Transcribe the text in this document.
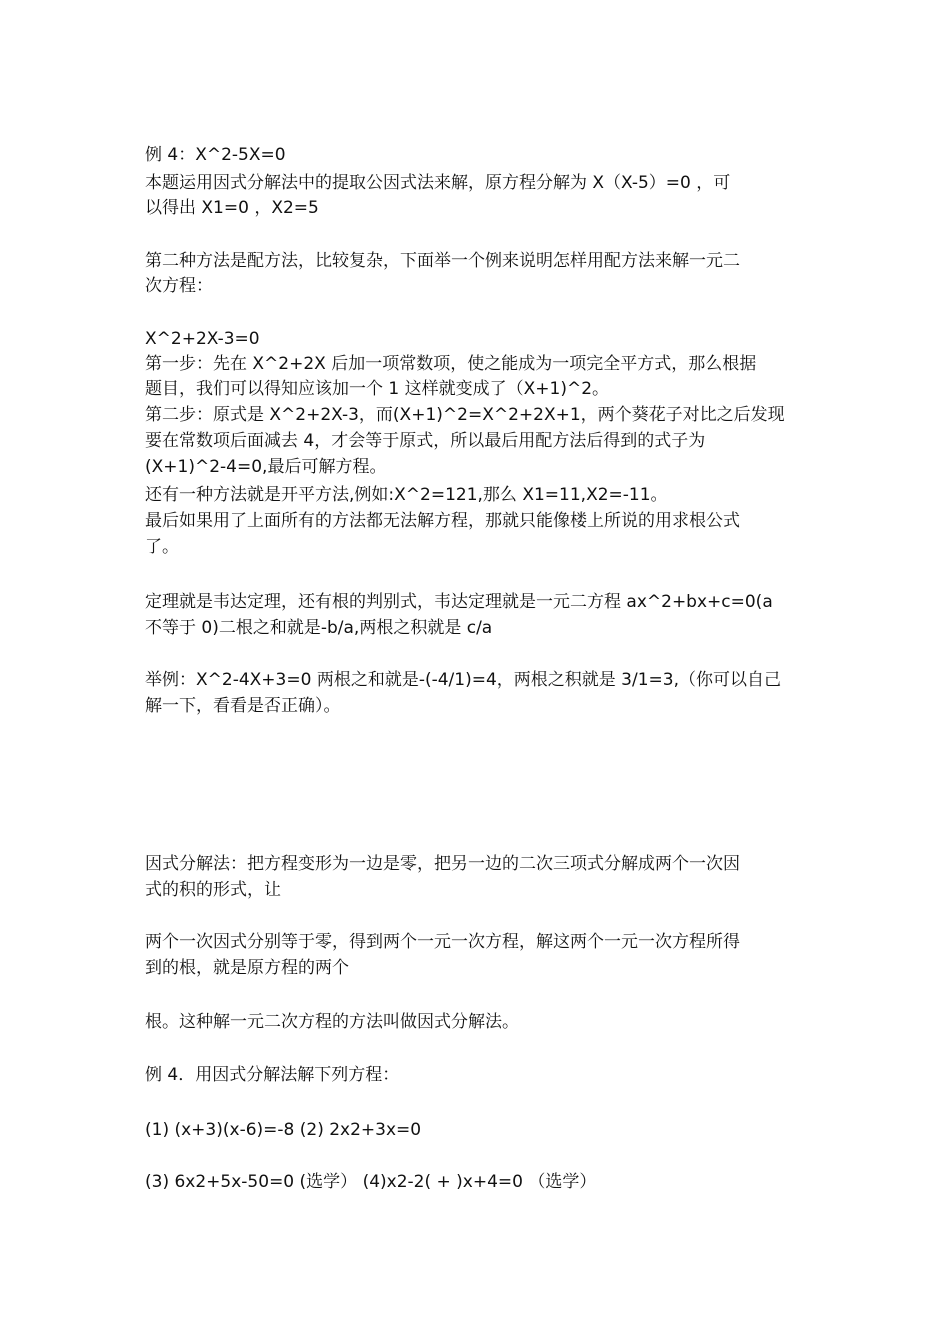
例 4：X^2-5X=0
本题运用因式分解法中的提取公因式法来解，原方程分解为 X（X-5）=0 ，可
以得出 X1=0 ，X2=5
第二种方法是配方法，比较复杂，下面举一个例来说明怎样用配方法来解一元二
次方程：
X^2+2X-3=0
第一步：先在 X^2+2X 后加一项常数项，使之能成为一项完全平方式，那么根据
题目，我们可以得知应该加一个 1 这样就变成了（X+1)^2。
第二步：原式是 X^2+2X-3，而(X+1)^2=X^2+2X+1，两个葵花子对比之后发现
要在常数项后面减去 4，才会等于原式，所以最后用配方法后得到的式子为
(X+1)^2-4=0,最后可解方程。
还有一种方法就是开平方法,例如:X^2=121,那么 X1=11,X2=-11。
最后如果用了上面所有的方法都无法解方程，那就只能像楼上所说的用求根公式
了。
定理就是韦达定理，还有根的判别式，韦达定理就是一元二方程 ax^2+bx+c=0(a
不等于 0)二根之和就是-b/a,两根之积就是 c/a
举例：X^2-4X+3=0 两根之和就是-(-4/1)=4，两根之积就是 3/1=3,（你可以自己
解一下，看看是否正确）。
因式分解法：把方程变形为一边是零，把另一边的二次三项式分解成两个一次因
式的积的形式，让
两个一次因式分别等于零，得到两个一元一次方程，解这两个一元一次方程所得
到的根，就是原方程的两个
根。这种解一元二次方程的方法叫做因式分解法。
例 4．用因式分解法解下列方程：
(1) (x+3)(x-6)=-8 (2) 2x2+3x=0
(3) 6x2+5x-50=0 (选学） (4)x2-2( + )x+4=0 （选学）
